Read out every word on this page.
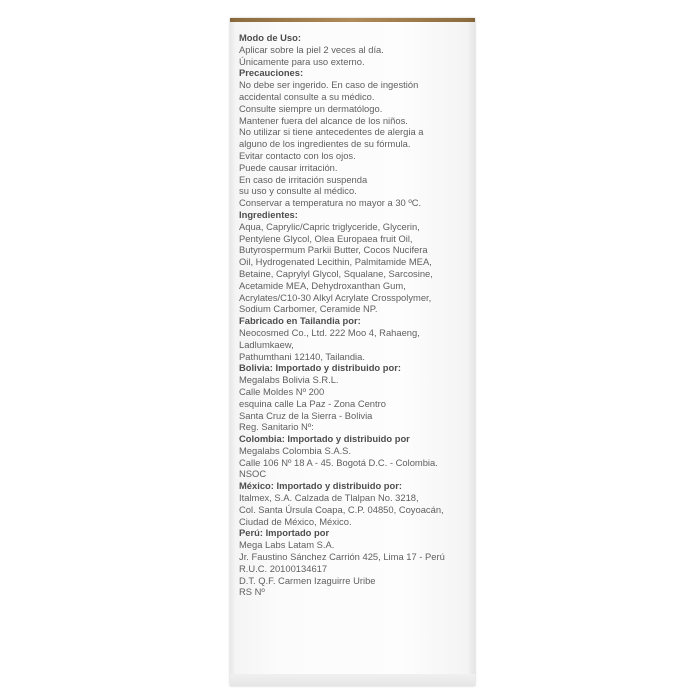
Modo de Uso:
Aplicar sobre la piel 2 veces al día.
Únicamente para uso externo.
Precauciones:
No debe ser ingerido. En caso de ingestión
accidental consulte a su médico.
Consulte siempre un dermatólogo.
Mantener fuera del alcance de los niños.
No utilizar si tiene antecedentes de alergia a
alguno de los ingredientes de su fórmula.
Evitar contacto con los ojos.
Puede causar irritación.
En caso de irritación suspenda
su uso y consulte al médico.
Conservar a temperatura no mayor a 30 ºC.
Ingredientes:
Aqua, Caprylic/Capric triglyceride, Glycerin,
Pentylene Glycol, Olea Europaea fruit Oil,
Butyrospermum Parkii Butter, Cocos Nucifera
Oil, Hydrogenated Lecithin, Palmitamide MEA,
Betaine, Caprylyl Glycol, Squalane, Sarcosine,
Acetamide MEA, Dehydroxanthan Gum,
Acrylates/C10-30 Alkyl Acrylate Crosspolymer,
Sodium Carbomer, Ceramide NP.
Fabricado en Tailandia por:
Neocosmed Co., Ltd. 222 Moo 4, Rahaeng,
Ladlumkaew,
Pathumthani 12140, Tailandia.
Bolivia: Importado y distribuido por:
Megalabs Bolivia S.R.L.
Calle Moldes Nº 200
esquina calle La Paz - Zona Centro
Santa Cruz de la Sierra - Bolivia
Reg. Sanitario Nº:
Colombia: Importado y distribuido por
Megalabs Colombia S.A.S.
Calle 106 Nº 18 A - 45. Bogotá D.C. - Colombia.
NSOC
México: Importado y distribuido por:
Italmex, S.A. Calzada de Tlalpan No. 3218,
Col. Santa Úrsula Coapa, C.P. 04850, Coyoacán,
Ciudad de México, México.
Perú: Importado por
Mega Labs Latam S.A.
Jr. Faustino Sánchez Carrión 425, Lima 17 - Perú
R.U.C. 20100134617
D.T. Q.F. Carmen Izaguirre Uribe
RS Nº
